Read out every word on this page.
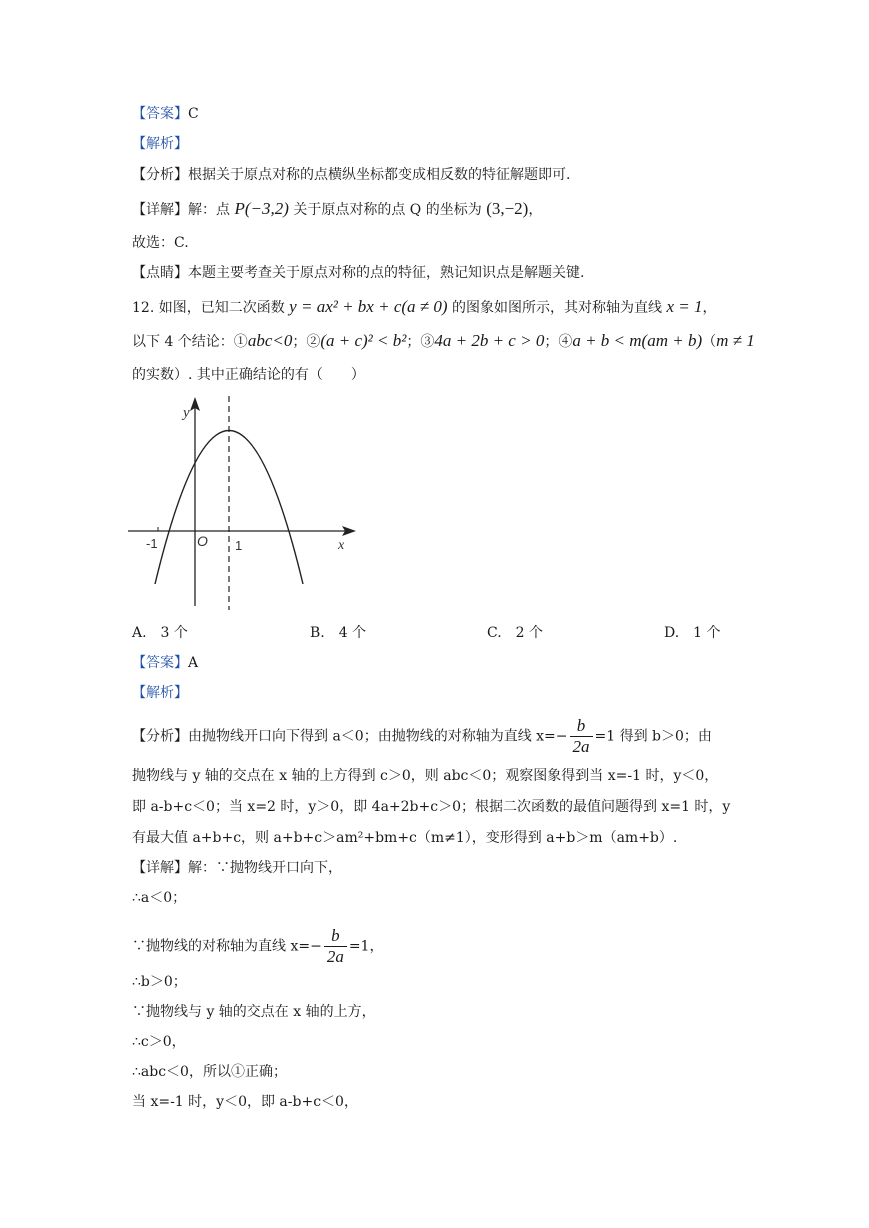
【答案】C
【解析】
【分析】根据关于原点对称的点横纵坐标都变成相反数的特征解题即可.
【详解】解：点 P(−3,2) 关于原点对称的点 Q 的坐标为 (3,−2)，
故选：C.
【点睛】本题主要考查关于原点对称的点的特征，熟记知识点是解题关键.
12. 如图，已知二次函数 y = ax² + bx + c(a ≠ 0) 的图象如图所示，其对称轴为直线 x = 1，
以下 4 个结论：①abc<0；②(a + c)² < b²；③4a + 2b + c > 0；④a + b < m(am + b)（m ≠ 1
的实数）. 其中正确结论的有（　　）
y
x
O
-1	1
A.　3 个	B.　4 个	C.　2 个	D.　1 个
【答案】A
【解析】
【分析】由抛物线开口向下得到 a＜0；由抛物线的对称轴为直线 $x=- \frac{b}{2a} =1$ 得到 b＞0；由
抛物线与 y 轴的交点在 x 轴的上方得到 c＞0，则 abc＜0；观察图象得到当 x=-1 时，y＜0，
即 a-b+c＜0；当 x=2 时，y＞0，即 4a+2b+c＞0；根据二次函数的最值问题得到 x=1 时，y
有最大值 a+b+c，则 a+b+c＞am²+bm+c（m≠1），变形得到 a+b＞m（am+b）.
【详解】解：∵抛物线开口向下，
∴a＜0；
∵抛物线的对称轴为直线 $x=- \frac{b}{2a} =1$，
∴b＞0；
∵抛物线与 y 轴的交点在 x 轴的上方，
∴c＞0，
∴abc＜0，所以①正确；
当 x=-1 时，y＜0，即 a-b+c＜0，
